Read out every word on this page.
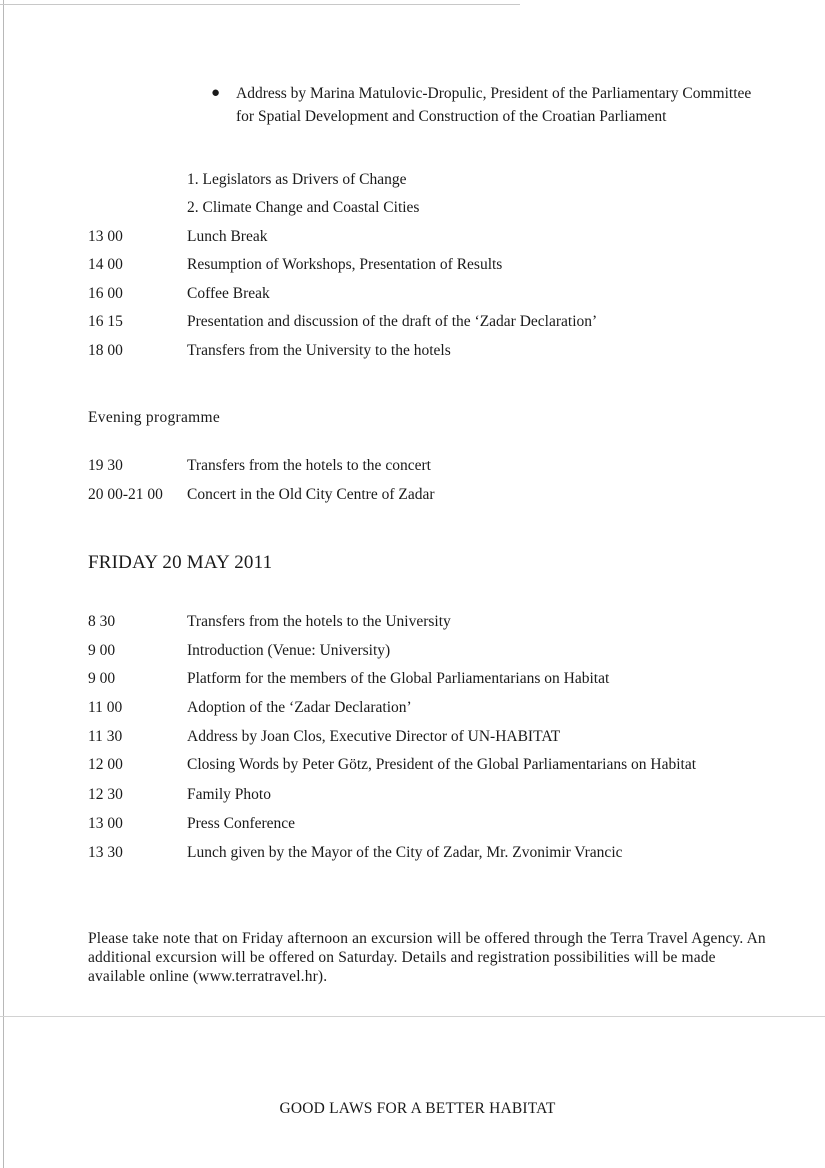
● Address by Marina Matulovic-Dropulic, President of the Parliamentary Committee for Spatial Development and Construction of the Croatian Parliament
1. Legislators as Drivers of Change
2. Climate Change and Coastal Cities
13 00	Lunch Break
14 00	Resumption of Workshops, Presentation of Results
16 00	Coffee Break
16 15	Presentation and discussion of the draft of the ‘Zadar Declaration’
18 00	Transfers from the University to the hotels
Evening programme
19 30	Transfers from the hotels to the concert
20 00-21 00 Concert in the Old City Centre of Zadar
FRIDAY 20 MAY 2011
8 30	Transfers from the hotels to the University
9 00	Introduction (Venue: University)
9 00	Platform for the members of the Global Parliamentarians on Habitat
11 00	Adoption of the ‘Zadar Declaration’
11 30	Address by Joan Clos, Executive Director of UN-HABITAT
12 00	Closing Words by Peter Götz, President of the Global Parliamentarians on Habitat
12 30	Family Photo
13 00	Press Conference
13 30	Lunch given by the Mayor of the City of Zadar, Mr. Zvonimir Vrancic
Please take note that on Friday afternoon an excursion will be offered through the Terra Travel Agency. An additional excursion will be offered on Saturday. Details and registration possibilities will be made available online (www.terratravel.hr).
GOOD LAWS FOR A BETTER HABITAT
